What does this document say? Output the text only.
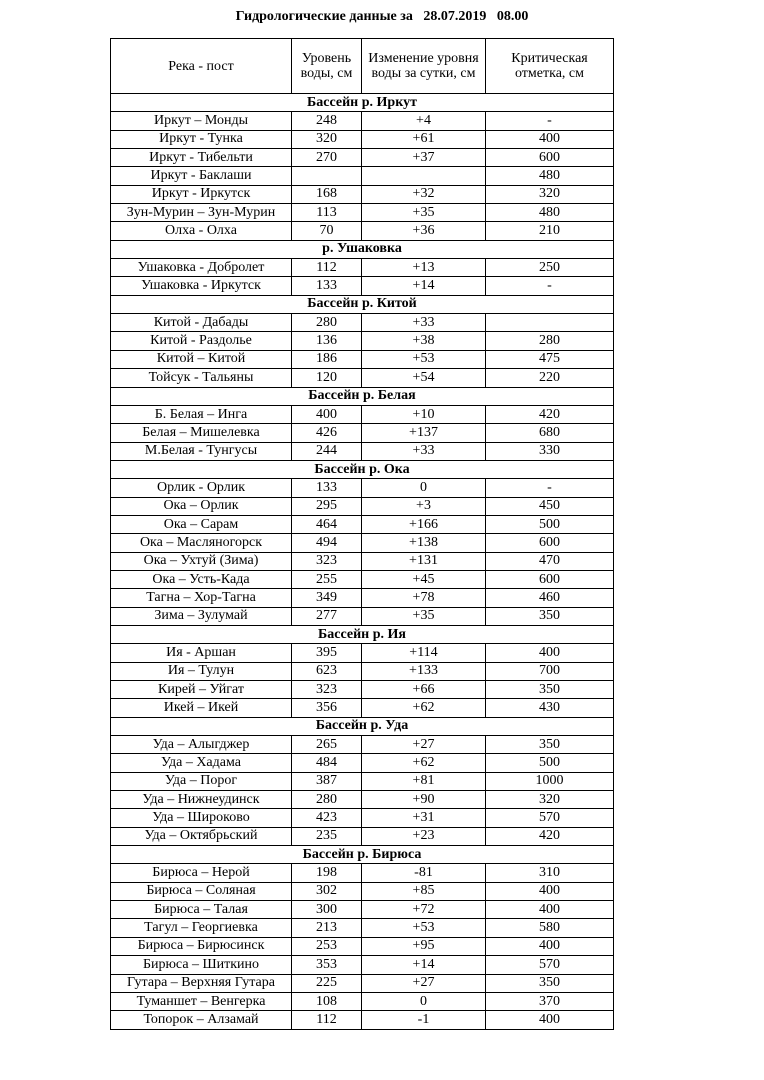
Гидрологические данные за   28.07.2019   08.00
Река - пост	Уровень воды, см	Изменение уровня воды за сутки, см	Критическая отметка, см
Бассейн р. Иркут			
Иркут – Монды	248	+4	-
Иркут - Тунка	320	+61	400
Иркут - Тибельти	270	+37	600
Иркут - Баклаши			480
Иркут - Иркутск	168	+32	320
Зун-Мурин – Зун-Мурин	113	+35	480
Олха - Олха	70	+36	210
р. Ушаковка			
Ушаковка - Добролет	112	+13	250
Ушаковка - Иркутск	133	+14	-
Бассейн р. Китой			
Китой - Дабады	280	+33	
Китой - Раздолье	136	+38	280
Китой – Китой	186	+53	475
Тойсук - Тальяны	120	+54	220
Бассейн р. Белая			
Б. Белая – Инга	400	+10	420
Белая – Мишелевка	426	+137	680
М.Белая - Тунгусы	244	+33	330
Бассейн р. Ока			
Орлик - Орлик	133	0	-
Ока – Орлик	295	+3	450
Ока – Сарам	464	+166	500
Ока – Масляногорск	494	+138	600
Ока – Ухтуй (Зима)	323	+131	470
Ока – Усть-Када	255	+45	600
Тагна – Хор-Тагна	349	+78	460
Зима – Зулумай	277	+35	350
Бассейн р. Ия			
Ия - Аршан	395	+114	400
Ия – Тулун	623	+133	700
Кирей – Уйгат	323	+66	350
Икей – Икей	356	+62	430
Бассейн р. Уда			
Уда – Алыгджер	265	+27	350
Уда – Хадама	484	+62	500
Уда – Порог	387	+81	1000
Уда – Нижнеудинск	280	+90	320
Уда – Широково	423	+31	570
Уда – Октябрьский	235	+23	420
Бассейн р. Бирюса			
Бирюса – Нерой	198	-81	310
Бирюса – Соляная	302	+85	400
Бирюса – Талая	300	+72	400
Тагул – Георгиевка	213	+53	580
Бирюса – Бирюсинск	253	+95	400
Бирюса – Шиткино	353	+14	570
Гутара – Верхняя Гутара	225	+27	350
Туманшет – Венгерка	108	0	370
Топорок – Алзамай	112	-1	400
